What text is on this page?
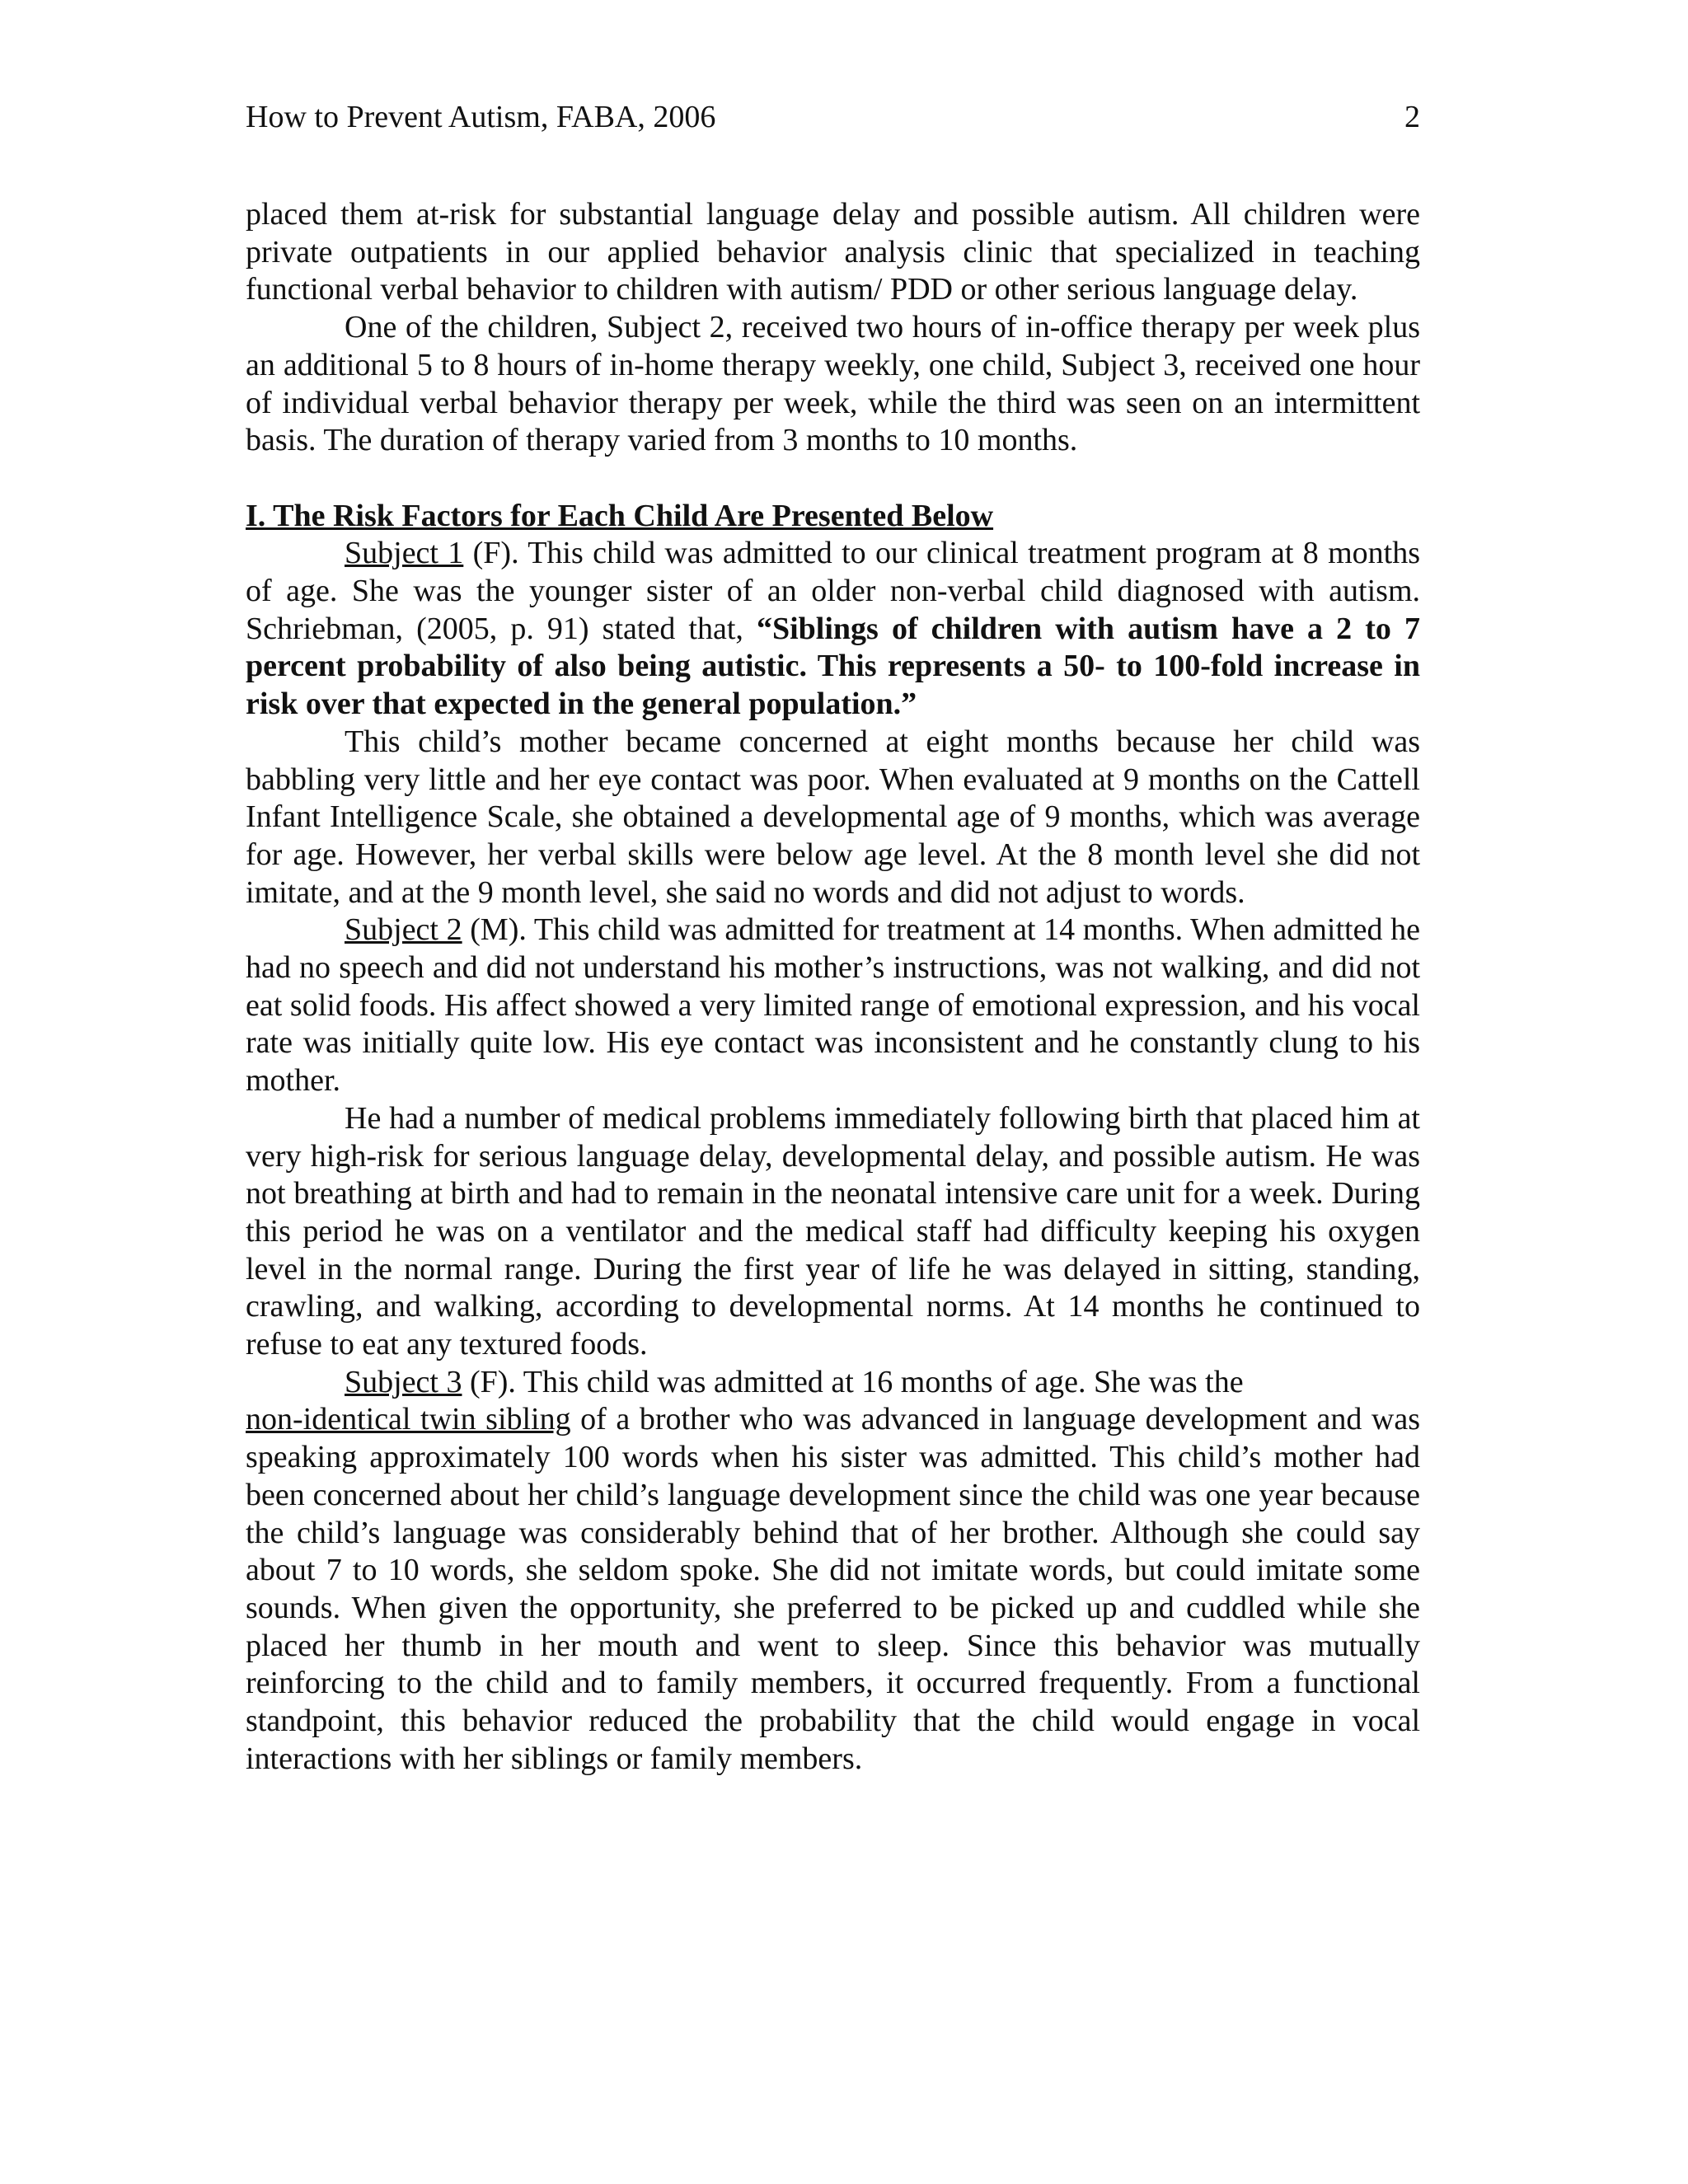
How to Prevent Autism, FABA, 2006	2

placed them at-risk for substantial language delay and possible autism. All children were private outpatients in our applied behavior analysis clinic that specialized in teaching functional verbal behavior to children with autism/ PDD or other serious language delay.

One of the children, Subject 2, received two hours of in-office therapy per week plus an additional 5 to 8 hours of in-home therapy weekly, one child, Subject 3, received one hour of individual verbal behavior therapy per week, while the third was seen on an intermittent basis. The duration of therapy varied from 3 months to 10 months.

I. The Risk Factors for Each Child Are Presented Below

Subject 1 (F). This child was admitted to our clinical treatment program at 8 months of age. She was the younger sister of an older non-verbal child diagnosed with autism. Schriebman, (2005, p. 91) stated that, “Siblings of children with autism have a 2 to 7 percent probability of also being autistic. This represents a 50- to 100-fold increase in risk over that expected in the general population.”

This child’s mother became concerned at eight months because her child was babbling very little and her eye contact was poor. When evaluated at 9 months on the Cattell Infant Intelligence Scale, she obtained a developmental age of 9 months, which was average for age. However, her verbal skills were below age level. At the 8 month level she did not imitate, and at the 9 month level, she said no words and did not adjust to words.

Subject 2 (M). This child was admitted for treatment at 14 months. When admitted he had no speech and did not understand his mother’s instructions, was not walking, and did not eat solid foods. His affect showed a very limited range of emotional expression, and his vocal rate was initially quite low. His eye contact was inconsistent and he constantly clung to his mother.

He had a number of medical problems immediately following birth that placed him at very high-risk for serious language delay, developmental delay, and possible autism. He was not breathing at birth and had to remain in the neonatal intensive care unit for a week. During this period he was on a ventilator and the medical staff had difficulty keeping his oxygen level in the normal range. During the first year of life he was delayed in sitting, standing, crawling, and walking, according to developmental norms. At 14 months he continued to refuse to eat any textured foods.

Subject 3 (F). This child was admitted at 16 months of age. She was the

non-identical twin sibling of a brother who was advanced in language development and was speaking approximately 100 words when his sister was admitted. This child’s mother had been concerned about her child’s language development since the child was one year because the child’s language was considerably behind that of her brother. Although she could say about 7 to 10 words, she seldom spoke. She did not imitate words, but could imitate some sounds. When given the opportunity, she preferred to be picked up and cuddled while she placed her thumb in her mouth and went to sleep. Since this behavior was mutually reinforcing to the child and to family members, it occurred frequently. From a functional standpoint, this behavior reduced the probability that the child would engage in vocal interactions with her siblings or family members.
